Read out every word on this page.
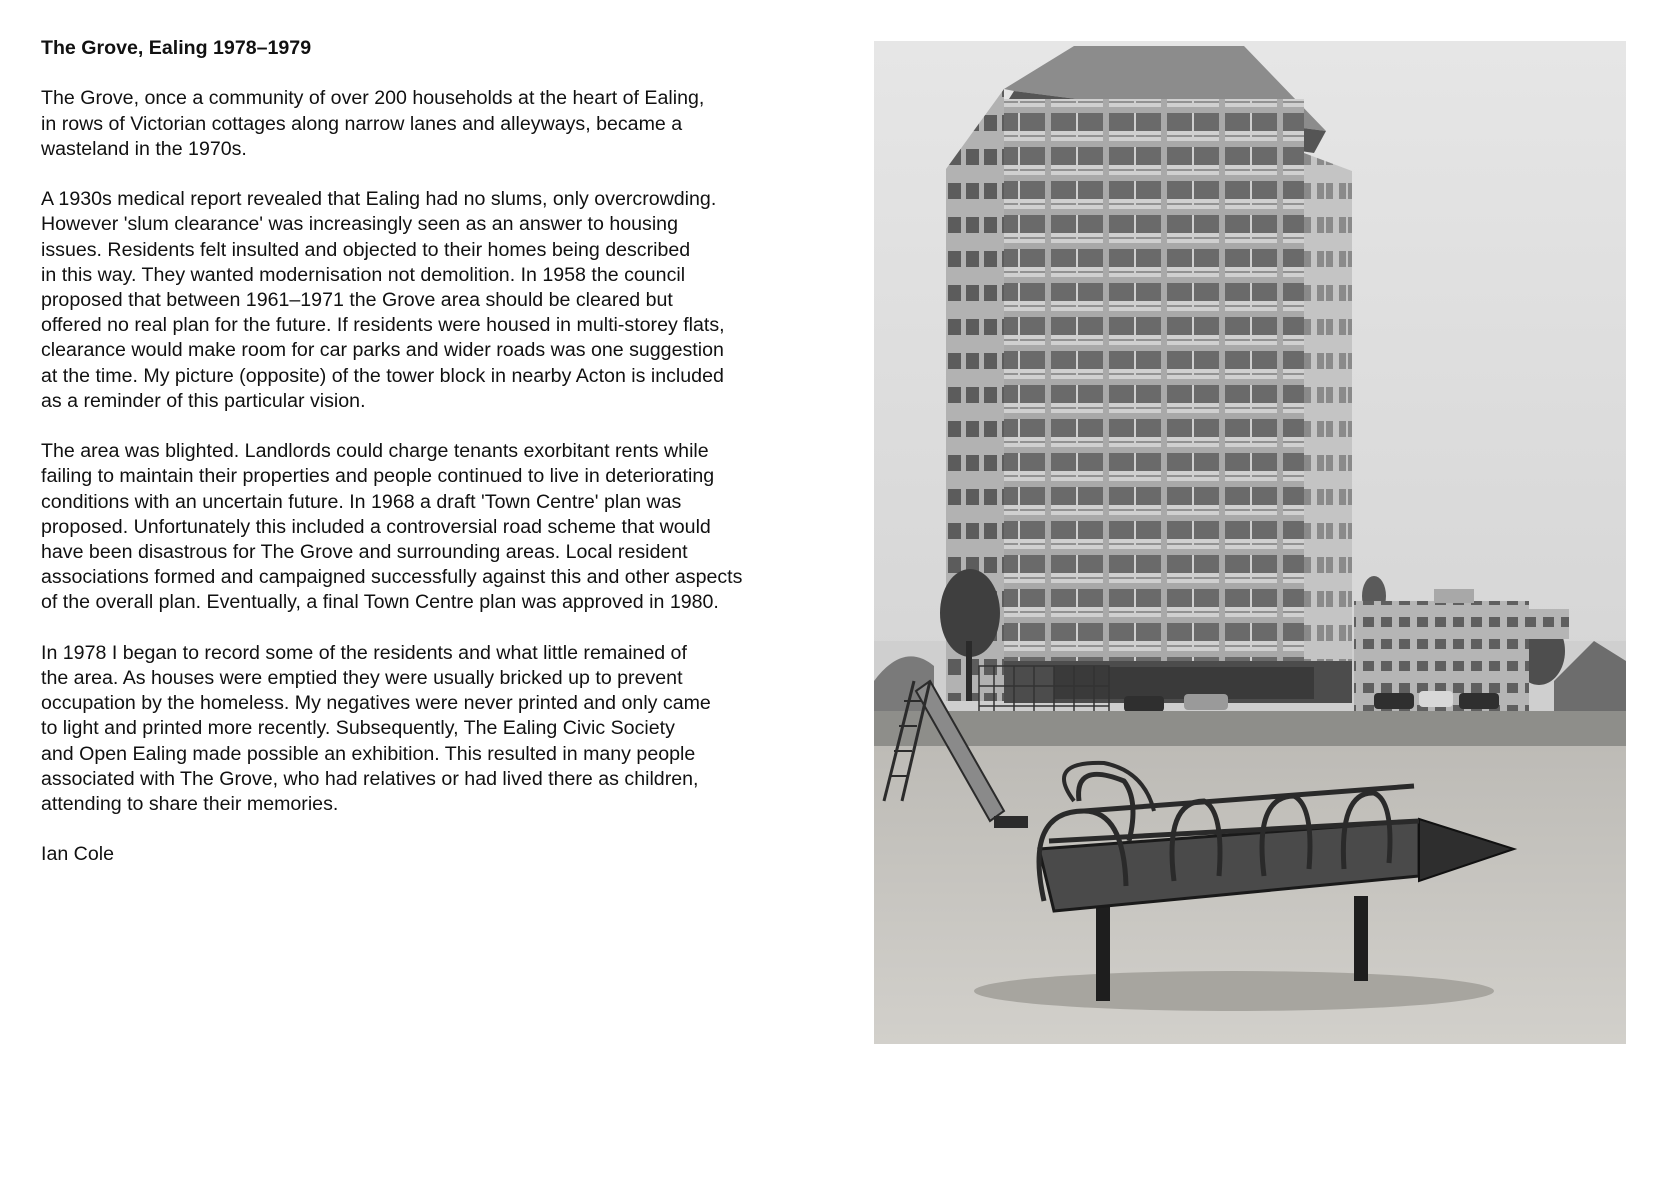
The Grove, Ealing 1978–1979
The Grove, once a community of over 200 households at the heart of Ealing,
in rows of Victorian cottages along narrow lanes and alleyways, became a
wasteland in the 1970s.
A 1930s medical report revealed that Ealing had no slums, only overcrowding.
However 'slum clearance' was increasingly seen as an answer to housing
issues. Residents felt insulted and objected to their homes being described
in this way. They wanted modernisation not demolition. In 1958 the council
proposed that between 1961–1971 the Grove area should be cleared but
offered no real plan for the future. If residents were housed in multi-storey flats,
clearance would make room for car parks and wider roads was one suggestion
at the time. My picture (opposite) of the tower block in nearby Acton is included
as a reminder of this particular vision.
The area was blighted. Landlords could charge tenants exorbitant rents while
failing to maintain their properties and people continued to live in deteriorating
conditions with an uncertain future. In 1968 a draft 'Town Centre' plan was
proposed. Unfortunately this included a controversial road scheme that would
have been disastrous for The Grove and surrounding areas. Local resident
associations formed and campaigned successfully against this and other aspects
of the overall plan. Eventually, a final Town Centre plan was approved in 1980.
In 1978 I began to record some of the residents and what little remained of
the area. As houses were emptied they were usually bricked up to prevent
occupation by the homeless. My negatives were never printed and only came
to light and printed more recently. Subsequently, The Ealing Civic Society
and Open Ealing made possible an exhibition. This resulted in many people
associated with The Grove, who had relatives or had lived there as children,
attending to share their memories.
Ian Cole
